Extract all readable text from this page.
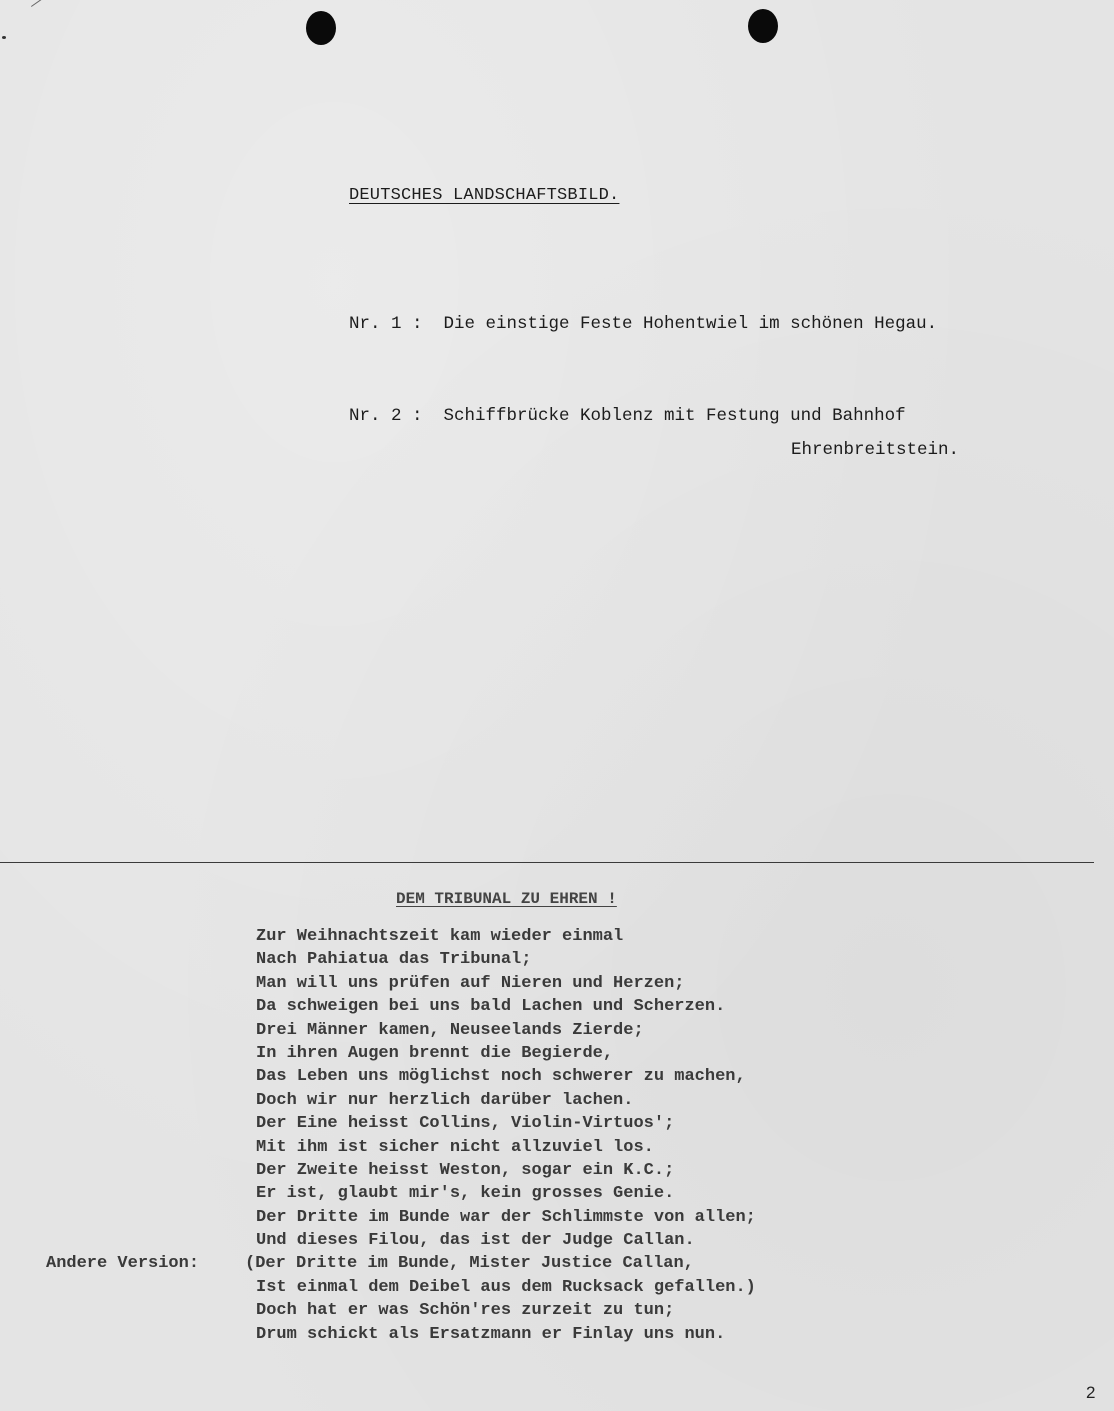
DEUTSCHES LANDSCHAFTSBILD.
Nr. 1 :  Die einstige Feste Hohentwiel im schönen Hegau.
Nr. 2 :  Schiffbrücke Koblenz mit Festung und Bahnhof
Ehrenbreitstein.
DEM TRIBUNAL ZU EHREN !
Andere Version:
Zur Weihnachtszeit kam wieder einmal
Nach Pahiatua das Tribunal;
Man will uns prüfen auf Nieren und Herzen;
Da schweigen bei uns bald Lachen und Scherzen.
Drei Männer kamen, Neuseelands Zierde;
In ihren Augen brennt die Begierde,
Das Leben uns möglichst noch schwerer zu machen,
Doch wir nur herzlich darüber lachen.
Der Eine heisst Collins, Violin-Virtuos';
Mit ihm ist sicher nicht allzuviel los.
Der Zweite heisst Weston, sogar ein K.C.;
Er ist, glaubt mir's, kein grosses Genie.
Der Dritte im Bunde war der Schlimmste von allen;
Und dieses Filou, das ist der Judge Callan.
(Der Dritte im Bunde, Mister Justice Callan,
Ist einmal dem Deibel aus dem Rucksack gefallen.)
Doch hat er was Schön'res zurzeit zu tun;
Drum schickt als Ersatzmann er Finlay uns nun.
2
